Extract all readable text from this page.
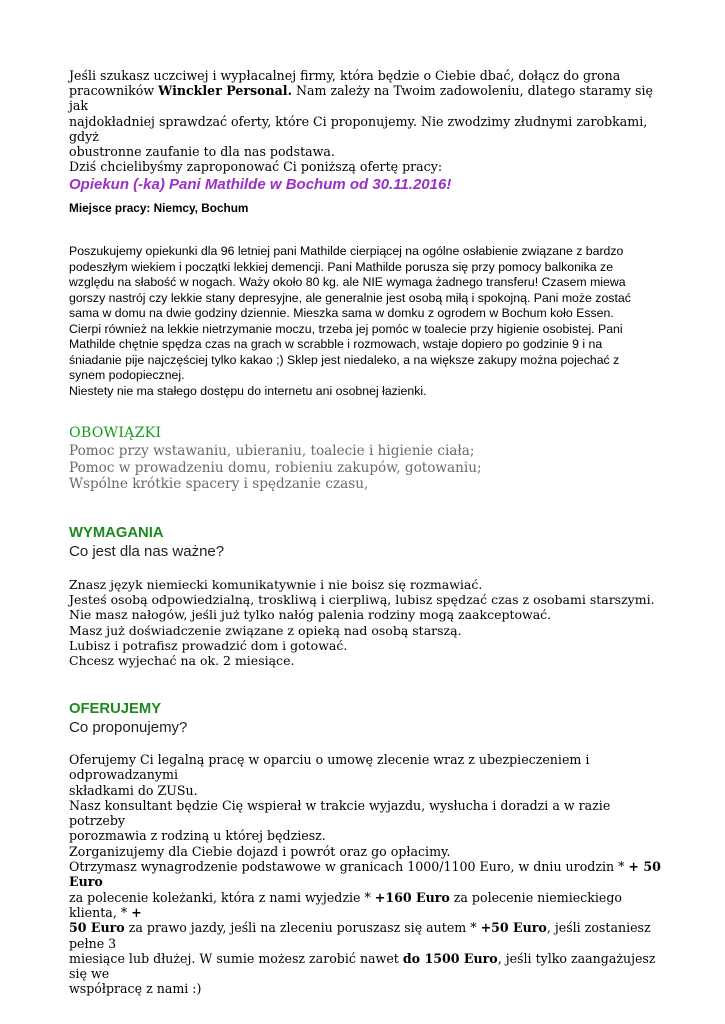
Jeśli szukasz uczciwej i wypłacalnej firmy, która będzie o Ciebie dbać, dołącz do grona

pracowników Winckler Personal. Nam zależy na Twoim zadowoleniu, dlatego staramy się jak

najdokładniej sprawdzać oferty, które Ci proponujemy. Nie zwodzimy złudnymi zarobkami, gdyż

obustronne zaufanie to dla nas podstawa.

Dziś chcielibyśmy zaproponować Ci poniższą ofertę pracy:

Opiekun (-ka) Pani Mathilde w Bochum od 30.11.2016!
Miejsce pracy: Niemcy, Bochum

Poszukujemy opiekunki dla 96 letniej pani Mathilde cierpiącej na ogólne osłabienie związane z bardzo

podeszłym wiekiem i początki lekkiej demencji. Pani Mathilde porusza się przy pomocy balkonika ze

względu na słabość w nogach. Waży około 80 kg. ale NIE wymaga żadnego transferu! Czasem miewa

gorszy nastrój czy lekkie stany depresyjne, ale generalnie jest osobą miłą i spokojną. Pani może zostać

sama w domu na dwie godziny dziennie. Mieszka sama w domku z ogrodem w Bochum koło Essen.

Cierpi również na lekkie nietrzymanie moczu, trzeba jej pomóc w toalecie przy higienie osobistej. Pani

Mathilde chętnie spędza czas na grach w scrabble i rozmowach, wstaje dopiero po godzinie 9 i na

śniadanie pije najczęściej tylko kakao ;) Sklep jest niedaleko, a na większe zakupy można pojechać z

synem podopiecznej.

Niestety nie ma stałego dostępu do internetu ani osobnej łazienki.

OBOWIĄZKI

Pomoc przy wstawaniu, ubieraniu, toalecie i higienie ciała;

Pomoc w prowadzeniu domu, robieniu zakupów, gotowaniu;

Wspólne krótkie spacery i spędzanie czasu,

WYMAGANIA
Co jest dla nas ważne?

Znasz język niemiecki komunikatywnie i nie boisz się rozmawiać.

Jesteś osobą odpowiedzialną, troskliwą i cierpliwą, lubisz spędzać czas z osobami starszymi.

Nie masz nałogów, jeśli już tylko nałóg palenia rodziny mogą zaakceptować.

Masz już doświadczenie związane z opieką nad osobą starszą.

Lubisz i potrafisz prowadzić dom i gotować.

Chcesz wyjechać na ok. 2 miesiące.

OFERUJEMY
Co proponujemy?

Oferujemy Ci legalną pracę w oparciu o umowę zlecenie wraz z ubezpieczeniem i odprowadzanymi

składkami do ZUSu.

Nasz konsultant będzie Cię wspierał w trakcie wyjazdu, wysłucha i doradzi a w razie potrzeby

porozmawia z rodziną u której będziesz.

Zorganizujemy dla Ciebie dojazd i powrót oraz go opłacimy.

Otrzymasz wynagrodzenie podstawowe w granicach 1000/1100 Euro, w dniu urodzin * + 50 Euro

za polecenie koleżanki, która z nami wyjedzie * +160 Euro za polecenie niemieckiego klienta, * +

50 Euro za prawo jazdy, jeśli na zleceniu poruszasz się autem * +50 Euro, jeśli zostaniesz pełne 3

miesiące lub dłużej. W sumie możesz zarobić nawet do 1500 Euro, jeśli tylko zaangażujesz się we

współpracę z nami :)
